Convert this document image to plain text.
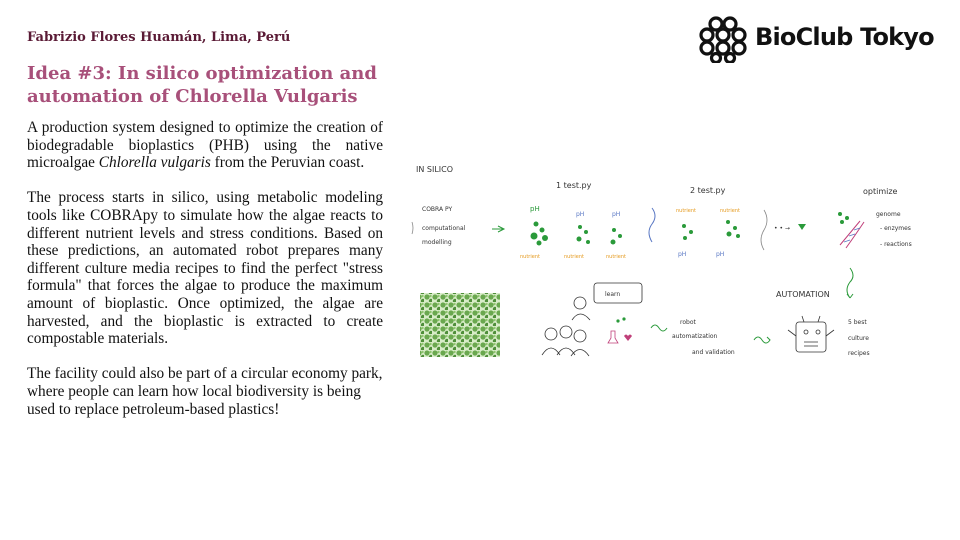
Fabrizio Flores Huamán, Lima, Perú
Idea #3: In silico optimization and
automation of Chlorella Vulgaris

A production system designed to optimize the creation of biodegradable bioplastics (PHB) using the native microalgae Chlorella vulgaris from the Peruvian coast.

The process starts in silico, using metabolic modeling tools like COBRApy to simulate how the algae reacts to different nutrient levels and stress conditions. Based on these predictions, an automated robot prepares many different culture media recipes to find the perfect "stress formula" that forces the algae to produce the maximum amount of bioplastic. Once optimized, the algae are harvested, and the bioplastic is extracted to create compostable materials.

The facility could also be part of a circular economy park, where people can learn how local biodiversity is being used to replace petroleum-based plastics!

BioClub Tokyo
IN SILICO
1 test.py
2 test.py	optimize
COBRA PY
computational
modelling
pH
pH	pH
nutrient	nutrient	nutrient
nutrient	nutrient
pH	pH
• • →
genome
- enzymes
- reactions
AUTOMATION
learn
robot
automatization
and validation
5 best
culture
recipes
